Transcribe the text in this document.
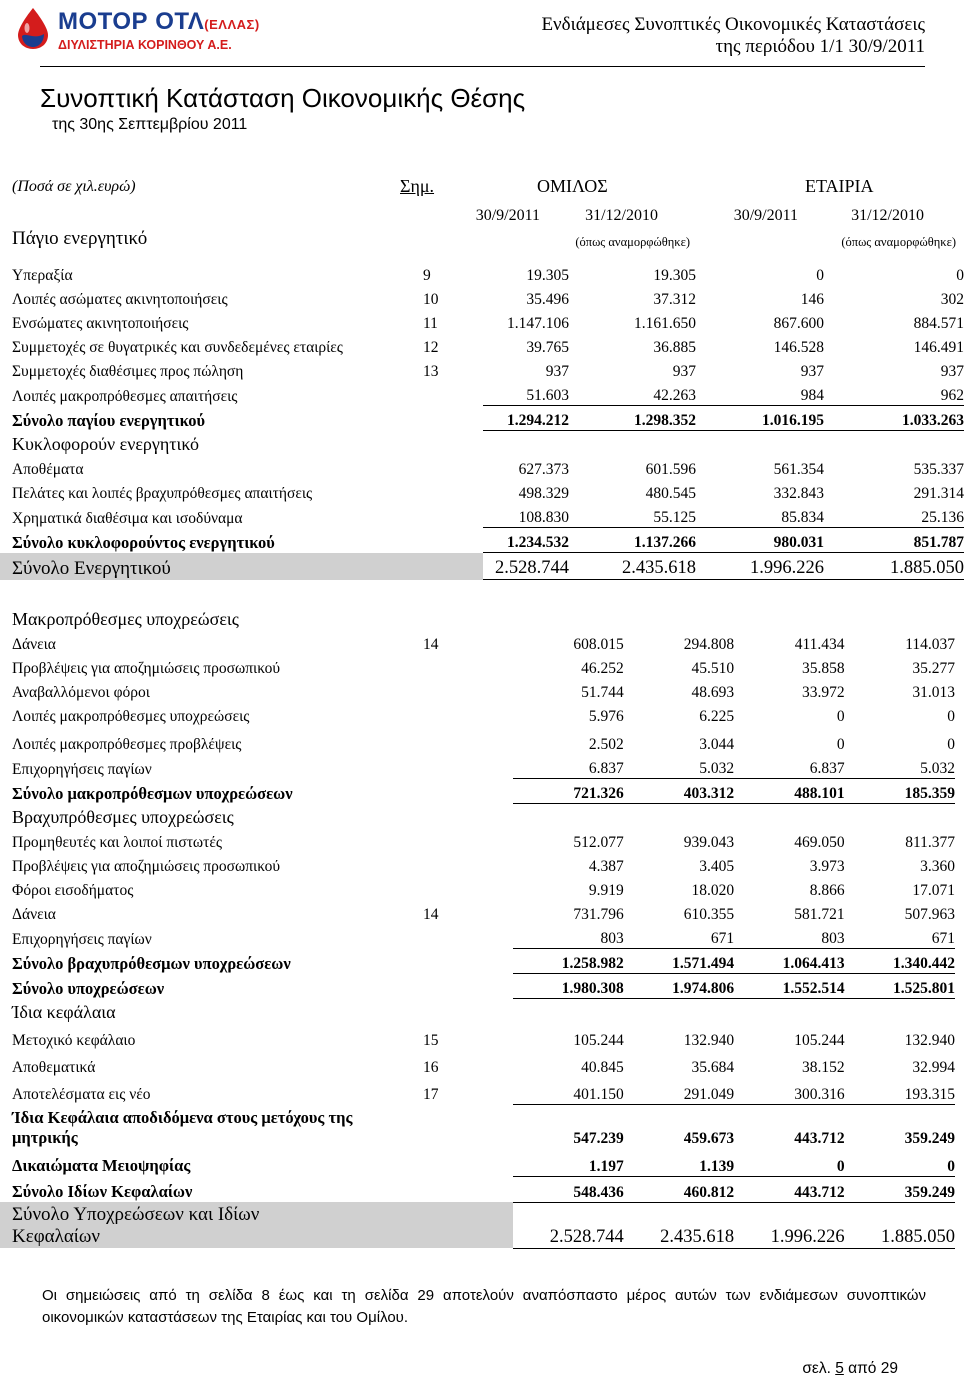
ΜΟΤΟΡ ΟΤΛ(ΕΛΛΑΣ)
ΔΙΥΛΙΣΤΗΡΙΑ ΚΟΡΙΝΘΟΥ Α.Ε.
Ενδιάμεσες Συνοπτικές Οικονομικές Καταστάσεις
της περιόδου 1/1 30/9/2011
Συνοπτική Κατάσταση Οικονομικής Θέσης
της 30ης Σεπτεμβρίου 2011
(Ποσά σε χιλ.ευρώ)	Σημ.	ΟΜΙΛΟΣ	ΕΤΑΙΡΙΑ
30/9/2011	31/12/2010	30/9/2011	31/12/2010
(όπως αναμορφώθηκε)	(όπως αναμορφώθηκε)
Πάγιο ενεργητικό
Υπεραξία	9	19.305	19.305	0	0
Λοιπές ασώματες ακινητοποιήσεις	10	35.496	37.312	146	302
Ενσώματες ακινητοποιήσεις	11	1.147.106	1.161.650	867.600	884.571
Συμμετοχές σε θυγατρικές και συνδεδεμένες εταιρίες	12	39.765	36.885	146.528	146.491
Συμμετοχές διαθέσιμες προς πώληση	13	937	937	937	937
Λοιπές μακροπρόθεσμες απαιτήσεις		51.603	42.263	984	962
Σύνολο παγίου ενεργητικού		1.294.212	1.298.352	1.016.195	1.033.263
Κυκλοφορούν ενεργητικό					
Αποθέματα		627.373	601.596	561.354	535.337
Πελάτες και λοιπές βραχυπρόθεσμες απαιτήσεις		498.329	480.545	332.843	291.314
Χρηματικά διαθέσιμα και ισοδύναμα		108.830	55.125	85.834	25.136
Σύνολο κυκλοφορούντος ενεργητικού		1.234.532	1.137.266	980.031	851.787
Σύνολο Ενεργητικού		2.528.744	2.435.618	1.996.226	1.885.050
Μακροπρόθεσμες υποχρεώσεις					
Δάνεια	14	608.015	294.808	411.434	114.037
Προβλέψεις για αποζημιώσεις προσωπικού		46.252	45.510	35.858	35.277
Αναβαλλόμενοι φόροι		51.744	48.693	33.972	31.013
Λοιπές μακροπρόθεσμες υποχρεώσεις		5.976	6.225	0	0
Λοιπές μακροπρόθεσμες προβλέψεις		2.502	3.044	0	0
Επιχορηγήσεις παγίων		6.837	5.032	6.837	5.032
Σύνολο μακροπρόθεσμων υποχρεώσεων		721.326	403.312	488.101	185.359
Βραχυπρόθεσμες υποχρεώσεις					
Προμηθευτές και λοιποί πιστωτές		512.077	939.043	469.050	811.377
Προβλέψεις για αποζημιώσεις προσωπικού		4.387	3.405	3.973	3.360
Φόροι εισοδήματος		9.919	18.020	8.866	17.071
Δάνεια	14	731.796	610.355	581.721	507.963
Επιχορηγήσεις παγίων		803	671	803	671
Σύνολο βραχυπρόθεσμων υποχρεώσεων		1.258.982	1.571.494	1.064.413	1.340.442
Σύνολο υποχρεώσεων		1.980.308	1.974.806	1.552.514	1.525.801
Ίδια κεφάλαια					
Μετοχικό κεφάλαιο	15	105.244	132.940	105.244	132.940
Αποθεματικά	16	40.845	35.684	38.152	32.994
Αποτελέσματα εις νέο	17	401.150	291.049	300.316	193.315
Ίδια Κεφάλαια αποδιδόμενα στους μετόχους της
μητρικής		547.239	459.673	443.712	359.249
Δικαιώματα Μειοψηφίας		1.197	1.139	0	0
Σύνολο Ιδίων Κεφαλαίων		548.436	460.812	443.712	359.249
Σύνολο Υποχρεώσεων και Ιδίων
Κεφαλαίων		2.528.744	2.435.618	1.996.226	1.885.050
Οι σημειώσεις από τη σελίδα 8 έως και τη σελίδα 29 αποτελούν αναπόσπαστο μέρος αυτών των ενδιάμεσων συνοπτικών οικονομικών καταστάσεων της Εταιρίας και του Ομίλου.
σελ. 5 από 29
